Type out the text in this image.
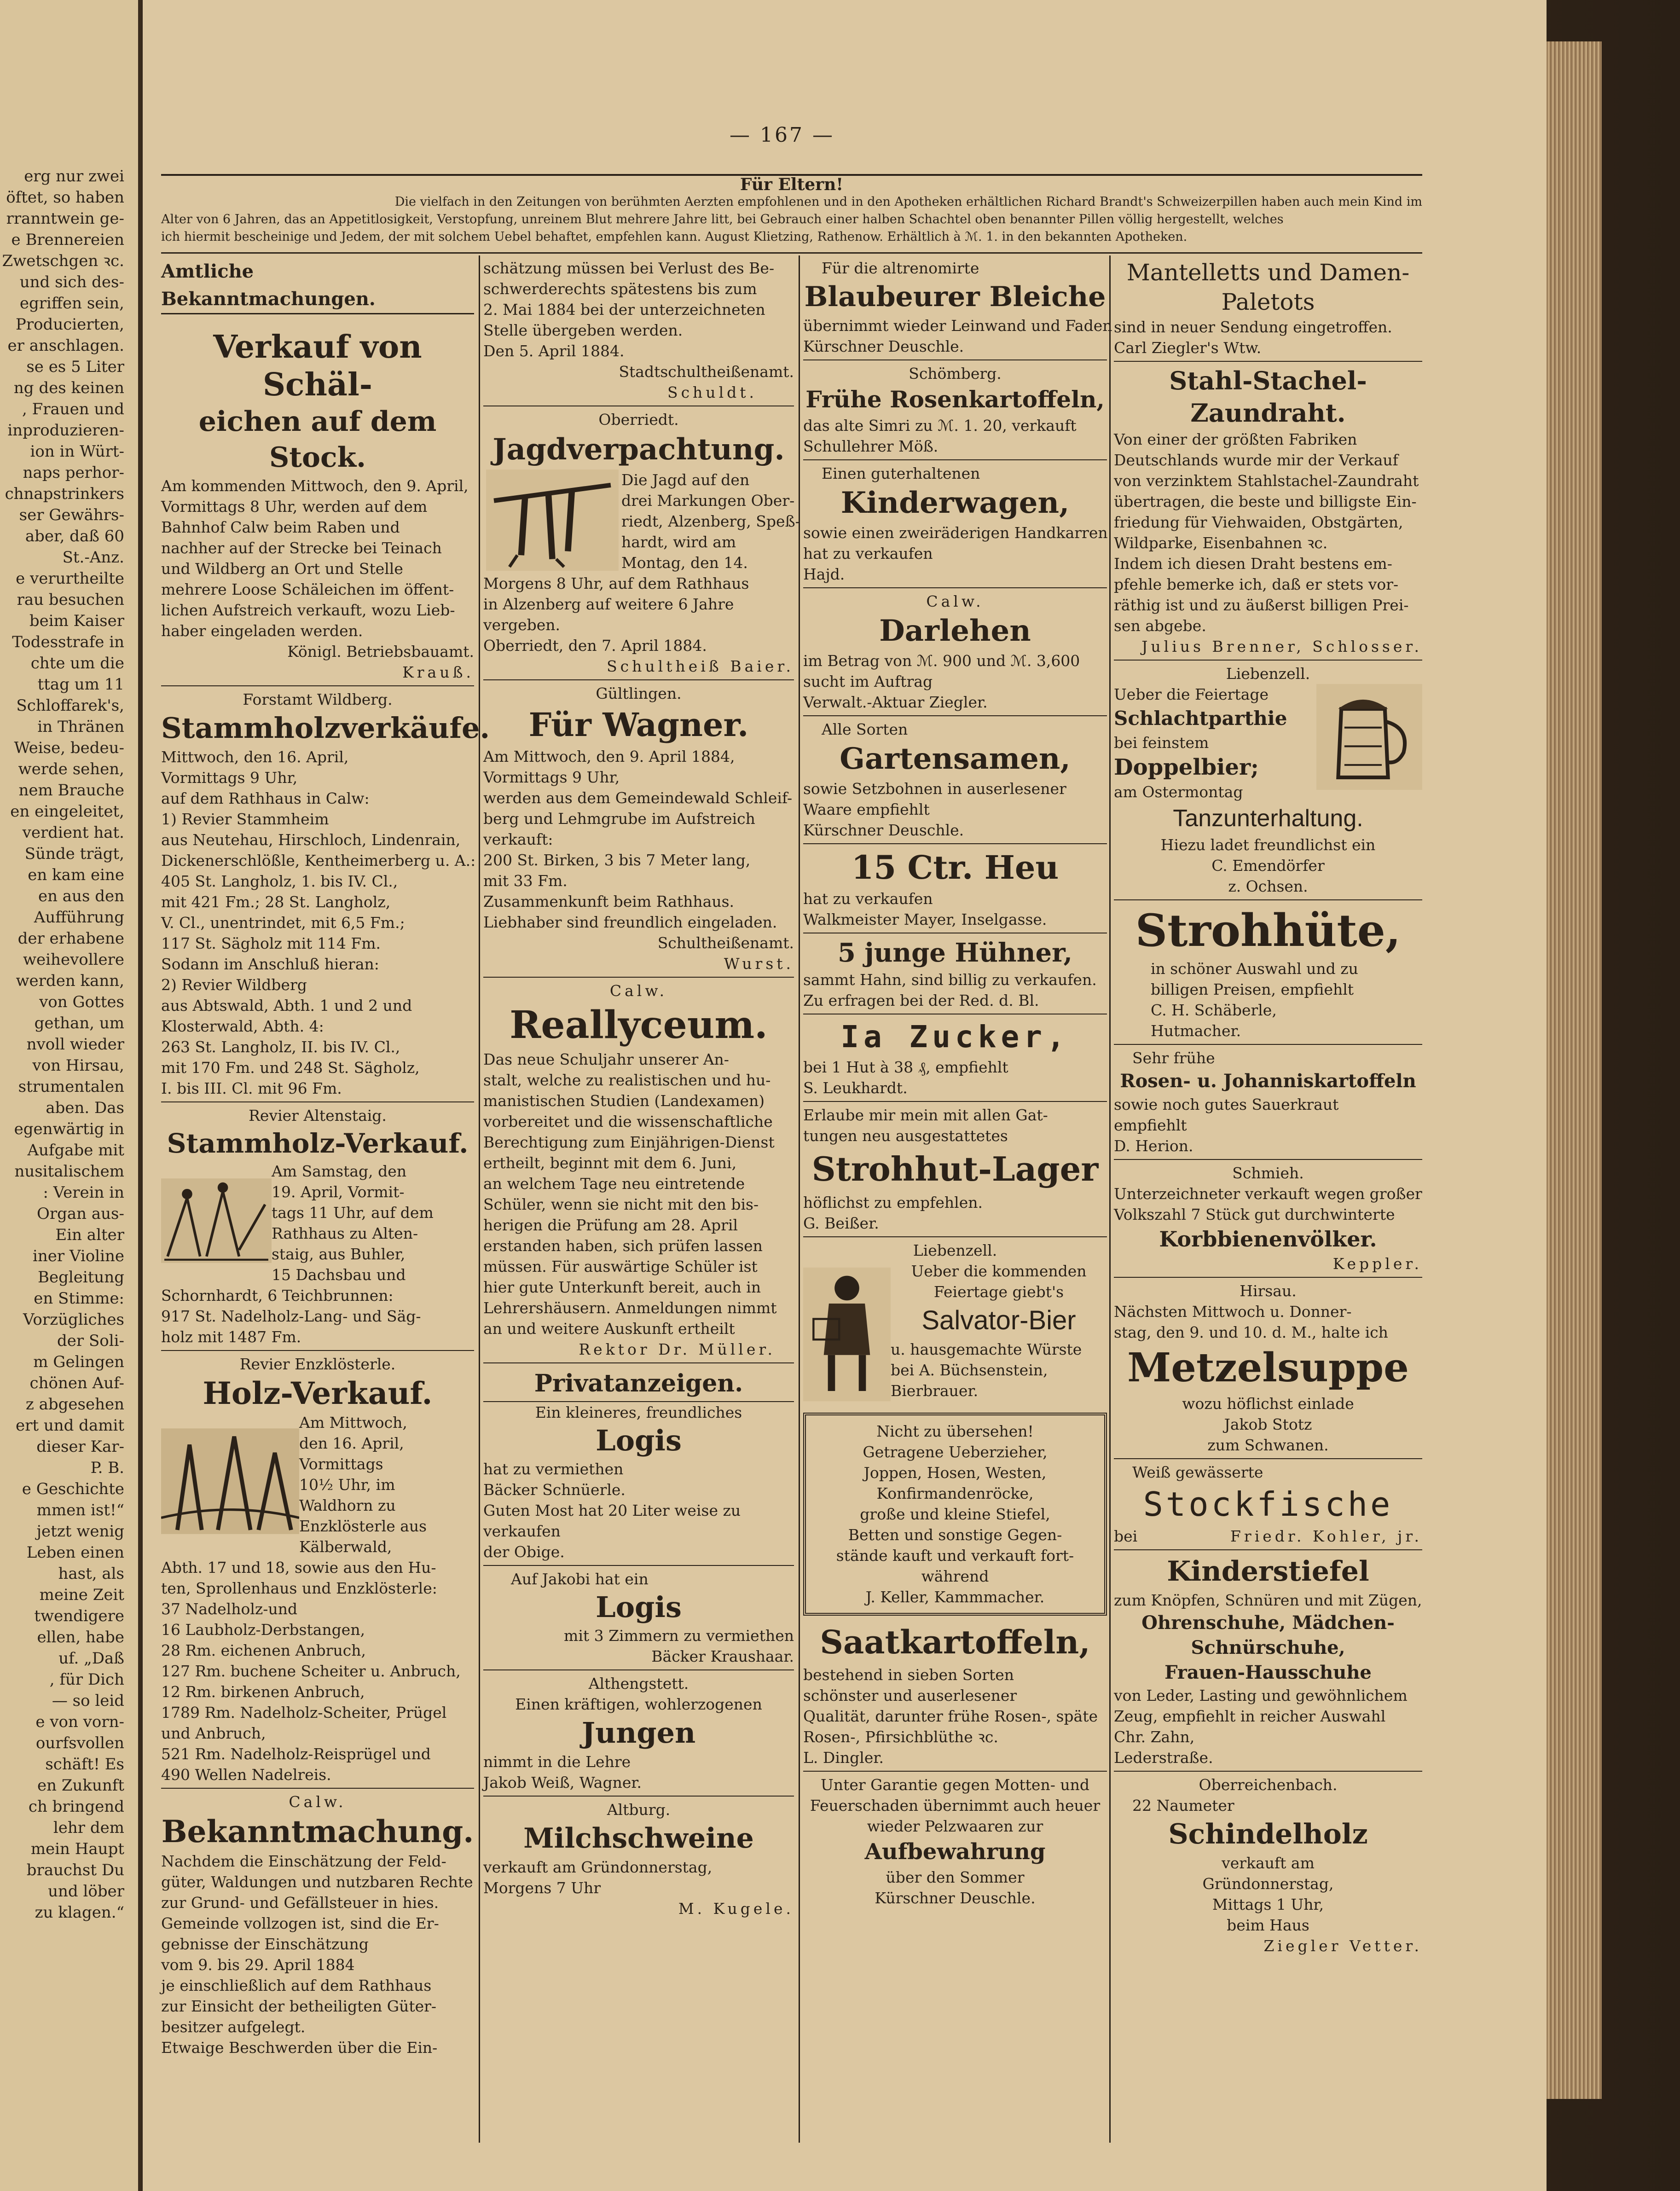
erg nur zwei
öftet, so haben
rranntwein ge-
e Brennereien
Zwetschgen ꝛc.
und sich des-
egriffen sein,
Producierten,
er anschlagen.
se es 5 Liter
ng des keinen
, Frauen und
inproduzieren-
ion in Würt-
naps perhor-
chnapstrinkers
ser Gewährs-
aber, daß 60
St.-Anz.
e verurtheilte
rau besuchen
beim Kaiser
Todesstrafe in
chte um die
ttag um 11
Schloffarek's,
in Thränen
Weise, bedeu-
werde sehen,
nem Brauche
en eingeleitet,
verdient hat.
Sünde trägt,
en kam eine
en aus den
Aufführung
der erhabene
weihevollere
werden kann,
von Gottes
gethan, um
nvoll wieder
von Hirsau,
strumentalen
aben. Das
egenwärtig in
Aufgabe mit
nusitalischem
: Verein in
Organ aus-
Ein alter
iner Violine
Begleitung
en Stimme:
Vorzügliches
der Soli-
m Gelingen
chönen Auf-
z abgesehen
ert und damit
dieser Kar-
P. B.
e Geschichte
mmen ist!“
jetzt wenig
Leben einen
hast, als
meine Zeit
twendigere
ellen, habe
uf. „Daß
, für Dich
— so leid
e von vorn-
ourfsvollen
schäft! Es
en Zukunft
ch bringend
lehr dem
mein Haupt
brauchst Du
und löber
zu klagen.“
— 167 —
Für Eltern!
Die vielfach in den Zeitungen von berühmten Aerzten empfohlenen und in den Apotheken erhältlichen Richard Brandt's Schweizerpillen haben auch mein Kind im
Alter von 6 Jahren, das an Appetitlosigkeit, Verstopfung, unreinem Blut mehrere Jahre litt, bei Gebrauch einer halben Schachtel oben benannter Pillen völlig hergestellt, welches
ich hiermit bescheinige und Jedem, der mit solchem Uebel behaftet, empfehlen kann. August Klietzing, Rathenow. Erhältlich à ℳ. 1. in den bekannten Apotheken.
Amtliche Bekanntmachungen.
Verkauf von Schäl-
eichen auf dem Stock.
Am kommenden Mittwoch, den 9. April,
Vormittags 8 Uhr, werden auf dem
Bahnhof Calw beim Raben und
nachher auf der Strecke bei Teinach
und Wildberg an Ort und Stelle
mehrere Loose Schäleichen im öffent-
lichen Aufstreich verkauft, wozu Lieb-
haber eingeladen werden.
Königl. Betriebsbauamt.
Krauß.
Forstamt Wildberg.
Stammholzverkäufe.
Mittwoch, den 16. April,
Vormittags 9 Uhr,
auf dem Rathhaus in Calw:
1) Revier Stammheim
aus Neutehau, Hirschloch, Lindenrain,
Dickenerschlößle, Kentheimerberg u. A.:
405 St. Langholz, 1. bis IV. Cl.,
mit 421 Fm.; 28 St. Langholz,
V. Cl., unentrindet, mit 6,5 Fm.;
117 St. Sägholz mit 114 Fm.
Sodann im Anschluß hieran:
2) Revier Wildberg
aus Abtswald, Abth. 1 und 2 und
Klosterwald, Abth. 4:
263 St. Langholz, II. bis IV. Cl.,
mit 170 Fm. und 248 St. Sägholz,
I. bis III. Cl. mit 96 Fm.
Revier Altenstaig.
Stammholz-Verkauf.
Am Samstag, den
19. April, Vormit-
tags 11 Uhr, auf dem
Rathhaus zu Alten-
staig, aus Buhler,
15 Dachsbau und
Schornhardt, 6 Teichbrunnen:
917 St. Nadelholz-Lang- und Säg-
holz mit 1487 Fm.
Revier Enzklösterle.
Holz-Verkauf.
Am Mittwoch,
den 16. April,
Vormittags
10½ Uhr, im
Waldhorn zu
Enzklösterle aus
Kälberwald,
Abth. 17 und 18, sowie aus den Hu-
ten, Sprollenhaus und Enzklösterle:
37 Nadelholz-und
16 Laubholz-Derbstangen,
28 Rm. eichenen Anbruch,
127 Rm. buchene Scheiter u. Anbruch,
12 Rm. birkenen Anbruch,
1789 Rm. Nadelholz-Scheiter, Prügel
und Anbruch,
521 Rm. Nadelholz-Reisprügel und
490 Wellen Nadelreis.
Calw.
Bekanntmachung.
Nachdem die Einschätzung der Feld-
güter, Waldungen und nutzbaren Rechte
zur Grund- und Gefällsteuer in hies.
Gemeinde vollzogen ist, sind die Er-
gebnisse der Einschätzung
vom 9. bis 29. April 1884
je einschließlich auf dem Rathhaus
zur Einsicht der betheiligten Güter-
besitzer aufgelegt.
Etwaige Beschwerden über die Ein-
schätzung müssen bei Verlust des Be-
schwerderechts spätestens bis zum
2. Mai 1884 bei der unterzeichneten
Stelle übergeben werden.
Den 5. April 1884.
Stadtschultheißenamt.
Schuldt.
Oberriedt.
Jagdverpachtung.
Die Jagd auf den
drei Markungen Ober-
riedt, Alzenberg, Speß-
hardt, wird am
Montag, den 14.
Morgens 8 Uhr, auf dem Rathhaus
in Alzenberg auf weitere 6 Jahre
vergeben.
Oberriedt, den 7. April 1884.
Schultheiß Baier.
Gültlingen.
Für Wagner.
Am Mittwoch, den 9. April 1884,
Vormittags 9 Uhr,
werden aus dem Gemeindewald Schleif-
berg und Lehmgrube im Aufstreich
verkauft:
200 St. Birken, 3 bis 7 Meter lang,
mit 33 Fm.
Zusammenkunft beim Rathhaus.
Liebhaber sind freundlich eingeladen.
Schultheißenamt.
Wurst.
Calw.
Reallyceum.
Das neue Schuljahr unserer An-
stalt, welche zu realistischen und hu-
manistischen Studien (Landexamen)
vorbereitet und die wissenschaftliche
Berechtigung zum Einjährigen-Dienst
ertheilt, beginnt mit dem 6. Juni,
an welchem Tage neu eintretende
Schüler, wenn sie nicht mit den bis-
herigen die Prüfung am 28. April
erstanden haben, sich prüfen lassen
müssen. Für auswärtige Schüler ist
hier gute Unterkunft bereit, auch in
Lehrershäusern. Anmeldungen nimmt
an und weitere Auskunft ertheilt
Rektor Dr. Müller.
Privatanzeigen.
Ein kleineres, freundliches
Logis
hat zu vermiethen
Bäcker Schnüerle.
Guten Most hat 20 Liter weise zu
verkaufen
der Obige.
Auf Jakobi hat ein
Logis
mit 3 Zimmern zu vermiethen
Bäcker Kraushaar.
Althengstett.
Einen kräftigen, wohlerzogenen
Jungen
nimmt in die Lehre
Jakob Weiß, Wagner.
Altburg.
Milchschweine
verkauft am Gründonnerstag,
Morgens 7 Uhr
M. Kugele.
Für die altrenomirte
Blaubeurer Bleiche
übernimmt wieder Leinwand und Faden
Kürschner Deuschle.
Schömberg.
Frühe Rosenkartoffeln,
das alte Simri zu ℳ. 1. 20, verkauft
Schullehrer Möß.
Einen guterhaltenen
Kinderwagen,
sowie einen zweiräderigen Handkarren
hat zu verkaufen
Hajd.
Calw.
Darlehen
im Betrag von ℳ. 900 und ℳ. 3,600
sucht im Auftrag
Verwalt.-Aktuar Ziegler.
Alle Sorten
Gartensamen,
sowie Setzbohnen in auserlesener
Waare empfiehlt
Kürschner Deuschle.
15 Ctr. Heu
hat zu verkaufen
Walkmeister Mayer, Inselgasse.
5 junge Hühner,
sammt Hahn, sind billig zu verkaufen.
Zu erfragen bei der Red. d. Bl.
Ia Zucker,
bei 1 Hut à 38 ₰, empfiehlt
S. Leukhardt.
Erlaube mir mein mit allen Gat-
tungen neu ausgestattetes
Strohhut-Lager
höflichst zu empfehlen.
G. Beißer.
Liebenzell.
Ueber die kommenden
Feiertage giebt's
Salvator-Bier
u. hausgemachte Würste
bei A. Büchsenstein,
Bierbrauer.
Nicht zu übersehen!
Getragene Ueberzieher,
Joppen, Hosen, Westen,
Konfirmandenröcke,
große und kleine Stiefel,
Betten und sonstige Gegen-
stände kauft und verkauft fort-
während
J. Keller, Kammmacher.
Saatkartoffeln,
bestehend in sieben Sorten
schönster und auserlesener
Qualität, darunter frühe Rosen-, späte
Rosen-, Pfirsichblüthe ꝛc.
L. Dingler.
Unter Garantie gegen Motten- und
Feuerschaden übernimmt auch heuer
wieder Pelzwaaren zur
Aufbewahrung
über den Sommer
Kürschner Deuschle.
Mantelletts und Damen-
Paletots
sind in neuer Sendung eingetroffen.
Carl Ziegler's Wtw.
Stahl-Stachel-
Zaundraht.
Von einer der größten Fabriken
Deutschlands wurde mir der Verkauf
von verzinktem Stahlstachel-Zaundraht
übertragen, die beste und billigste Ein-
friedung für Viehwaiden, Obstgärten,
Wildparke, Eisenbahnen ꝛc.
Indem ich diesen Draht bestens em-
pfehle bemerke ich, daß er stets vor-
räthig ist und zu äußerst billigen Prei-
sen abgebe.
Julius Brenner, Schlosser.
Liebenzell.
Ueber die Feiertage
Schlachtparthie
bei feinstem
Doppelbier;
am Ostermontag
Tanzunterhaltung.
Hiezu ladet freundlichst ein
C. Emendörfer
z. Ochsen.
Strohhüte,
in schöner Auswahl und zu
billigen Preisen, empfiehlt
C. H. Schäberle,
Hutmacher.
Sehr frühe
Rosen- u. Johanniskartoffeln
sowie noch gutes Sauerkraut
empfiehlt
D. Herion.
Schmieh.
Unterzeichneter verkauft wegen großer
Volkszahl 7 Stück gut durchwinterte
Korbbienenvölker.
Keppler.
Hirsau.
Nächsten Mittwoch u. Donner-
stag, den 9. und 10. d. M., halte ich
Metzelsuppe
wozu höflichst einlade
Jakob Stotz
zum Schwanen.
Weiß gewässerte
Stockfische
bei	Friedr. Kohler, jr.
Kinderstiefel
zum Knöpfen, Schnüren und mit Zügen,
Ohrenschuhe, Mädchen-
Schnürschuhe,
Frauen-Hausschuhe
von Leder, Lasting und gewöhnlichem
Zeug, empfiehlt in reicher Auswahl
Chr. Zahn,
Lederstraße.
Oberreichenbach.
22 Naumeter
Schindelholz
verkauft am
Gründonnerstag,
Mittags 1 Uhr,
beim Haus
Ziegler Vetter.
